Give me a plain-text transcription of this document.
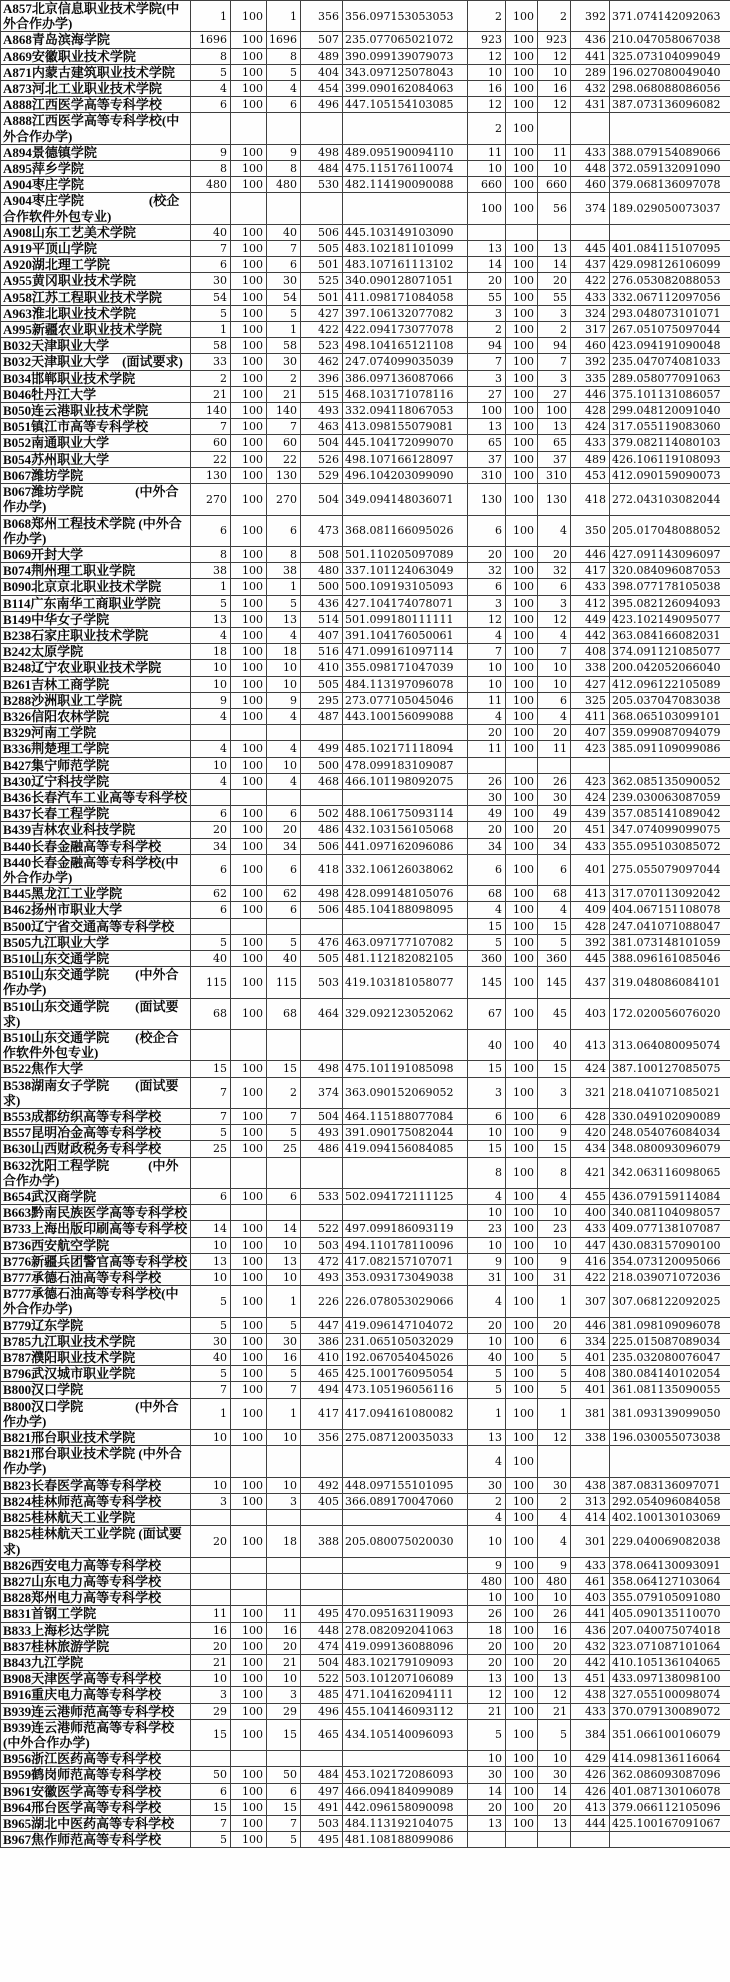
A857北京信息职业技术学院(中外合作办学)	1	100	1	356	356.097153053053	2	100	2	392	371.074142092063
A868青岛滨海学院	1696	100	1696	507	235.077065021072	923	100	923	436	210.047058067038
A869安徽职业技术学院	8	100	8	489	390.099139079073	12	100	12	441	325.073104099049
A871内蒙古建筑职业技术学院	5	100	5	404	343.097125078043	10	100	10	289	196.027080049040
A873河北工业职业技术学院	4	100	4	454	399.090162084063	16	100	16	432	298.068088086056
A888江西医学高等专科学校	6	100	6	496	447.105154103085	12	100	12	431	387.073136096082
A888江西医学高等专科学校(中外合作办学)						2	100			
A894景德镇学院	9	100	9	498	489.095190094110	11	100	11	433	388.079154089066
A895萍乡学院	8	100	8	484	475.115176110074	10	100	10	448	372.059132091090
A904枣庄学院	480	100	480	530	482.114190090088	660	100	660	460	379.068136097078
A904枣庄学院　　　　　(校企合作软件外包专业)						100	100	56	374	189.029050073037
A908山东工艺美术学院	40	100	40	506	445.103149103090					
A919平顶山学院	7	100	7	505	483.102181101099	13	100	13	445	401.084115107095
A920湖北理工学院	6	100	6	501	483.107161113102	14	100	14	437	429.098126106099
A955黄冈职业技术学院	30	100	30	525	340.090128071051	20	100	20	422	276.053082088053
A958江苏工程职业技术学院	54	100	54	501	411.098171084058	55	100	55	433	332.067112097056
A963淮北职业技术学院	5	100	5	427	397.106132077082	3	100	3	324	293.048073101071
A995新疆农业职业技术学院	1	100	1	422	422.094173077078	2	100	2	317	267.051075097044
B032天津职业大学	58	100	58	523	498.104165121108	94	100	94	460	423.094191090048
B032天津职业大学　(面试要求)	33	100	30	462	247.074099035039	7	100	7	392	235.047074081033
B034邯郸职业技术学院	2	100	2	396	386.097136087066	3	100	3	335	289.058077091063
B046牡丹江大学	21	100	21	515	468.103171078116	27	100	27	446	375.101131086057
B050连云港职业技术学院	140	100	140	493	332.094118067053	100	100	100	428	299.048120091040
B051镇江市高等专科学校	7	100	7	463	413.098155079081	13	100	13	424	317.055119083060
B052南通职业大学	60	100	60	504	445.104172099070	65	100	65	433	379.082114080103
B054苏州职业大学	22	100	22	526	498.107166128097	37	100	37	489	426.106119108093
B067潍坊学院	130	100	130	529	496.104203099090	310	100	310	453	412.090159090073
B067潍坊学院　　　　(中外合作办学)	270	100	270	504	349.094148036071	130	100	130	418	272.043103082044
B068郑州工程技术学院 (中外合作办学)	6	100	6	473	368.081166095026	6	100	4	350	205.017048088052
B069开封大学	8	100	8	508	501.110205097089	20	100	20	446	427.091143096097
B074荆州理工职业学院	38	100	38	480	337.101124063049	32	100	32	417	320.084096087053
B090北京京北职业技术学院	1	100	1	500	500.109193105093	6	100	6	433	398.077178105038
B114广东南华工商职业学院	5	100	5	436	427.104174078071	3	100	3	412	395.082126094093
B149中华女子学院	13	100	13	514	501.099180111111	12	100	12	449	423.102149095077
B238石家庄职业技术学院	4	100	4	407	391.104176050061	4	100	4	442	363.084166082031
B242太原学院	18	100	18	516	471.099161097114	7	100	7	408	374.091121085077
B248辽宁农业职业技术学院	10	100	10	410	355.098171047039	10	100	10	338	200.042052066040
B261吉林工商学院	10	100	10	505	484.113197096078	10	100	10	427	412.096122105089
B288沙洲职业工学院	9	100	9	295	273.077105045046	11	100	6	325	205.037047083038
B326信阳农林学院	4	100	4	487	443.100156099088	4	100	4	411	368.065103099101
B329河南工学院						20	100	20	407	359.099087094079
B336荆楚理工学院	4	100	4	499	485.102171118094	11	100	11	423	385.091109099086
B427集宁师范学院	10	100	10	500	478.099183109087					
B430辽宁科技学院	4	100	4	468	466.101198092075	26	100	26	423	362.085135090052
B436长春汽车工业高等专科学校						30	100	30	424	239.030063087059
B437长春工程学院	6	100	6	502	488.106175093114	49	100	49	439	357.085141089042
B439吉林农业科技学院	20	100	20	486	432.103156105068	20	100	20	451	347.074099099075
B440长春金融高等专科学校	34	100	34	506	441.097162096086	34	100	34	433	355.095103085072
B440长春金融高等专科学校(中外合作办学)	6	100	6	418	332.106126038062	6	100	6	401	275.055079097044
B445黑龙江工业学院	62	100	62	498	428.099148105076	68	100	68	413	317.070113092042
B462扬州市职业大学	6	100	6	506	485.104188098095	4	100	4	409	404.067151108078
B500辽宁省交通高等专科学校						15	100	15	428	247.041071088047
B505九江职业大学	5	100	5	476	463.097177107082	5	100	5	392	381.073148101059
B510山东交通学院	40	100	40	505	481.112182082105	360	100	360	445	388.096161085046
B510山东交通学院　　(中外合作办学)	115	100	115	503	419.103181058077	145	100	145	437	319.048086084101
B510山东交通学院　　(面试要求)	68	100	68	464	329.092123052062	67	100	45	403	172.020056076020
B510山东交通学院　　(校企合作软件外包专业)						40	100	40	413	313.064080095074
B522焦作大学	15	100	15	498	475.101191085098	15	100	15	424	387.100127085075
B538湖南女子学院　　(面试要求)	7	100	2	374	363.090152069052	3	100	3	321	218.041071085021
B553成都纺织高等专科学校	7	100	7	504	464.115188077084	6	100	6	428	330.049102090089
B557昆明冶金高等专科学校	5	100	5	493	391.090175082044	10	100	9	420	248.054076084034
B630山西财政税务专科学校	25	100	25	486	419.094156084085	15	100	15	434	348.080093096079
B632沈阳工程学院　　　(中外合作办学)						8	100	8	421	342.063116098065
B654武汉商学院	6	100	6	533	502.094172111125	4	100	4	455	436.079159114084
B663黔南民族医学高等专科学校						10	100	10	400	340.081104098057
B733上海出版印刷高等专科学校	14	100	14	522	497.099186093119	23	100	23	433	409.077138107087
B736西安航空学院	10	100	10	503	494.110178110096	10	100	10	447	430.083157090100
B776新疆兵团警官高等专科学校	13	100	13	472	417.082157107071	9	100	9	416	354.073120095066
B777承德石油高等专科学校	10	100	10	493	353.093173049038	31	100	31	422	218.039071072036
B777承德石油高等专科学校(中外合作办学)	5	100	1	226	226.078053029066	4	100	1	307	307.068122092025
B779辽东学院	5	100	5	447	419.096147104072	20	100	20	446	381.098109096078
B785九江职业技术学院	30	100	30	386	231.065105032029	10	100	6	334	225.015087089034
B787濮阳职业技术学院	40	100	16	410	192.067054045026	40	100	5	401	235.032080076047
B796武汉城市职业学院	5	100	5	465	425.100176095054	5	100	5	408	380.084140102054
B800汉口学院	7	100	7	494	473.105196056116	5	100	5	401	361.081135090055
B800汉口学院　　　　(中外合作办学)	1	100	1	417	417.094161080082	1	100	1	381	381.093139099050
B821邢台职业技术学院	10	100	10	356	275.087120035033	13	100	12	338	196.030055073038
B821邢台职业技术学院 (中外合作办学)						4	100			
B823长春医学高等专科学校	10	100	10	492	448.097155101095	30	100	30	438	387.083136097071
B824桂林师范高等专科学校	3	100	3	405	366.089170047060	2	100	2	313	292.054096084058
B825桂林航天工业学院						4	100	4	414	402.100130103069
B825桂林航天工业学院 (面试要求)	20	100	18	388	205.080075020030	10	100	4	301	229.040069082038
B826西安电力高等专科学校						9	100	9	433	378.064130093091
B827山东电力高等专科学校						480	100	480	461	358.064127103064
B828郑州电力高等专科学校						10	100	10	403	355.079105091080
B831首钢工学院	11	100	11	495	470.095163119093	26	100	26	441	405.090135110070
B833上海杉达学院	16	100	16	448	278.082092041063	18	100	16	436	207.040075074018
B837桂林旅游学院	20	100	20	474	419.099136088096	20	100	20	432	323.071087101064
B843九江学院	21	100	21	504	483.102179109093	20	100	20	442	410.105136104065
B908天津医学高等专科学校	10	100	10	522	503.101207106089	13	100	13	451	433.097138098100
B916重庆电力高等专科学校	3	100	3	485	471.104162094111	12	100	12	438	327.055100098074
B939连云港师范高等专科学校	29	100	29	496	455.104146093112	21	100	21	433	370.079130089072
B939连云港师范高等专科学校(中外合作办学)	15	100	15	465	434.105140096093	5	100	5	384	351.066100106079
B956浙江医药高等专科学校						10	100	10	429	414.098136116064
B959鹤岗师范高等专科学校	50	100	50	484	453.102172086093	30	100	30	426	362.086093087096
B961安徽医学高等专科学校	6	100	6	497	466.094184099089	14	100	14	426	401.087130106078
B964邢台医学高等专科学校	15	100	15	491	442.096158090098	20	100	20	413	379.066112105096
B965湖北中医药高等专科学校	7	100	7	503	484.113192104075	13	100	13	444	425.100167091067
B967焦作师范高等专科学校	5	100	5	495	481.108188099086					
